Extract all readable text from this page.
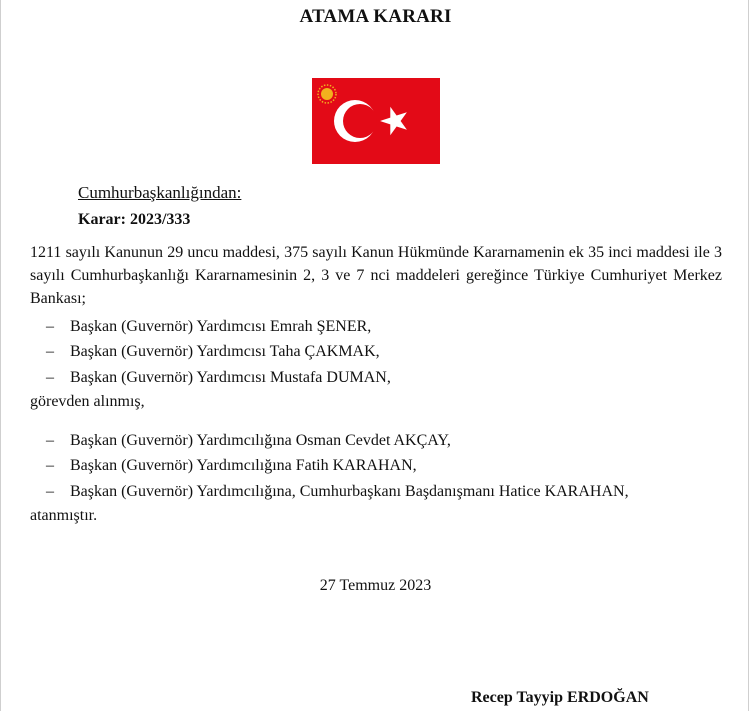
ATAMA KARARI
Cumhurbaşkanlığından:
Karar: 2023/333
1211 sayılı Kanunun 29 uncu maddesi, 375 sayılı Kanun Hükmünde Kararnamenin ek 35 inci maddesi ile 3 sayılı Cumhurbaşkanlığı Kararnamesinin 2, 3 ve 7 nci maddeleri gereğince Türkiye Cumhuriyet Merkez Bankası;
– Başkan (Guvernör) Yardımcısı Emrah ŞENER,
– Başkan (Guvernör) Yardımcısı Taha ÇAKMAK,
– Başkan (Guvernör) Yardımcısı Mustafa DUMAN,
görevden alınmış,
– Başkan (Guvernör) Yardımcılığına Osman Cevdet AKÇAY,
– Başkan (Guvernör) Yardımcılığına Fatih KARAHAN,
– Başkan (Guvernör) Yardımcılığına, Cumhurbaşkanı Başdanışmanı Hatice KARAHAN,
atanmıştır.
27 Temmuz 2023
Recep Tayyip ERDOĞAN
